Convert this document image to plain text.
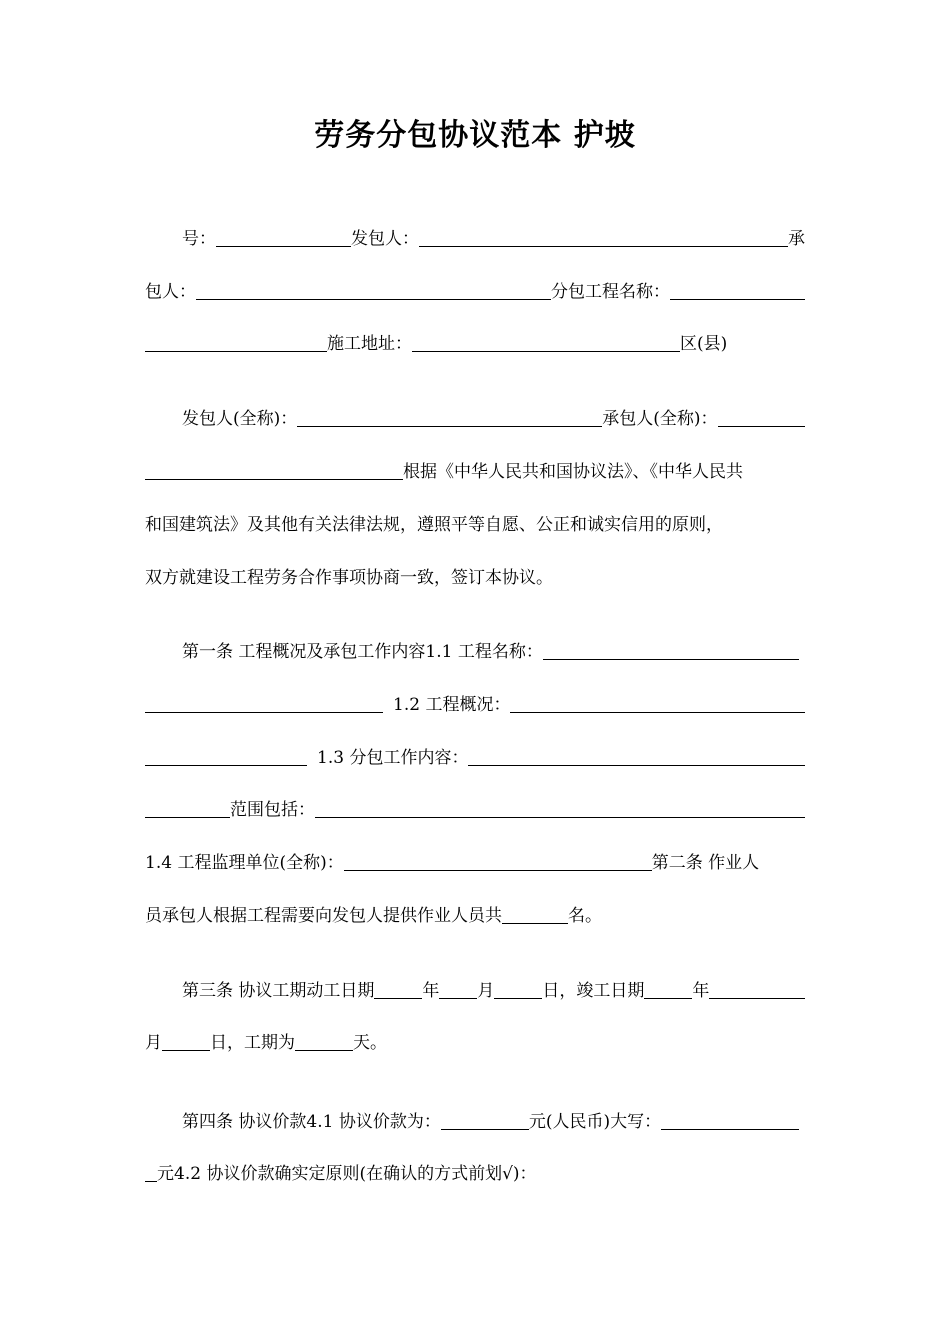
劳务分包协议范本 护坡
号：	发包人：	承
包人：	分包工程名称：
施工地址：	区(县)
发包人(全称)：	承包人(全称)：
根据《中华人民共和国协议法》、《中华人民共
和国建筑法》及其他有关法律法规，遵照平等自愿、公正和诚实信用的原则，
双方就建设工程劳务合作事项协商一致，签订本协议。
第一条 工程概况及承包工作内容1.1 工程名称：
1.2 工程概况：
1.3 分包工作内容：
范围包括：
1.4 工程监理单位(全称)：	第二条 作业人
员承包人根据工程需要向发包人提供作业人员共	名。
第三条 协议工期动工日期	年 月	日，竣工日期	年
月	日，工期为	天。
第四条 协议价款4.1 协议价款为：	元(人民币)大写：
元4.2 协议价款确实定原则(在确认的方式前划√)：
